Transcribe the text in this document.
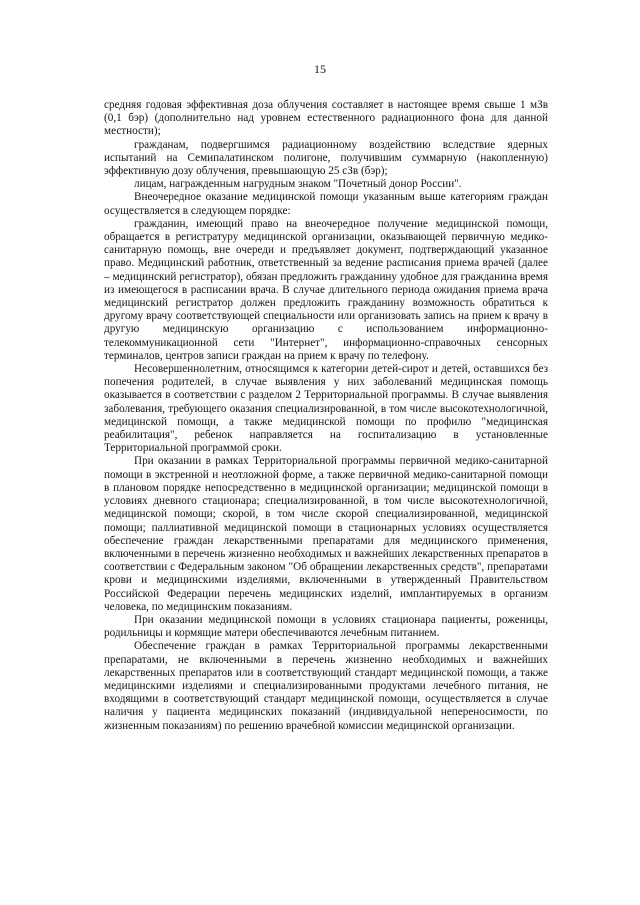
15

средняя годовая эффективная доза облучения составляет в настоящее время свыше 1 мЗв (0,1 бэр) (дополнительно над уровнем естественного радиационного фона для данной местности);

гражданам, подвергшимся радиационному воздействию вследствие ядерных испытаний на Семипалатинском полигоне, получившим суммарную (накопленную) эффективную дозу облучения, превышающую 25 сЗв (бэр);

лицам, награжденным нагрудным знаком "Почетный донор России".

Внеочередное оказание медицинской помощи указанным выше категориям граждан осуществляется в следующем порядке:

гражданин, имеющий право на внеочередное получение медицинской помощи, обращается в регистратуру медицинской организации, оказывающей первичную медико-санитарную помощь, вне очереди и предъявляет документ, подтверждающий указанное право. Медицинский работник, ответственный за ведение расписания приема врачей (далее – медицинский регистратор), обязан предложить гражданину удобное для гражданина время из имеющегося в расписании врача. В случае длительного периода ожидания приема врача медицинский регистратор должен предложить гражданину возможность обратиться к другому врачу соответствующей специальности или организовать запись на прием к врачу в другую медицинскую организацию с использованием информационно-телекоммуникационной сети "Интернет", информационно-справочных сенсорных терминалов, центров записи граждан на прием к врачу по телефону.

Несовершеннолетним, относящимся к категории детей-сирот и детей, оставшихся без попечения родителей, в случае выявления у них заболеваний медицинская помощь оказывается в соответствии с разделом 2 Территориальной программы. В случае выявления заболевания, требующего оказания специализированной, в том числе высокотехнологичной, медицинской помощи, а также медицинской помощи по профилю "медицинская реабилитация", ребенок направляется на госпитализацию в установленные Территориальной программой сроки.

При оказании в рамках Территориальной программы первичной медико-санитарной помощи в экстренной и неотложной форме, а также первичной медико-санитарной помощи в плановом порядке непосредственно в медицинской организации; медицинской помощи в условиях дневного стационара; специализированной, в том числе высокотехнологичной, медицинской помощи; скорой, в том числе скорой специализированной, медицинской помощи; паллиативной медицинской помощи в стационарных условиях осуществляется обеспечение граждан лекарственными препаратами для медицинского применения, включенными в перечень жизненно необходимых и важнейших лекарственных препаратов в соответствии с Федеральным законом "Об обращении лекарственных средств", препаратами крови и медицинскими изделиями, включенными в утвержденный Правительством Российской Федерации перечень медицинских изделий, имплантируемых в организм человека, по медицинским показаниям.

При оказании медицинской помощи в условиях стационара пациенты, роженицы, родильницы и кормящие матери обеспечиваются лечебным питанием.

Обеспечение граждан в рамках Территориальной программы лекарственными препаратами, не включенными в перечень жизненно необходимых и важнейших лекарственных препаратов или в соответствующий стандарт медицинской помощи, а также медицинскими изделиями и специализированными продуктами лечебного питания, не входящими в соответствующий стандарт медицинской помощи, осуществляется в случае наличия у пациента медицинских показаний (индивидуальной непереносимости, по жизненным показаниям) по решению врачебной комиссии медицинской организации.
